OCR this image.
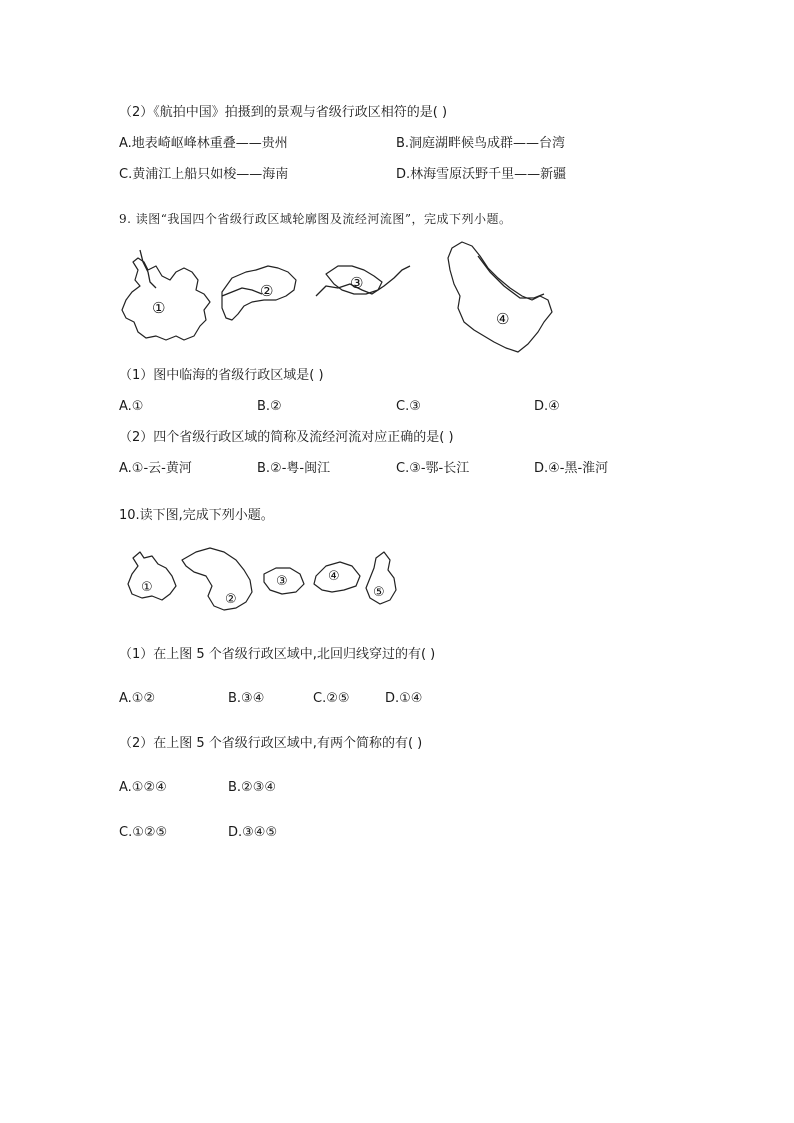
（2）《航拍中国》拍摄到的景观与省级行政区相符的是( )
A.地表崎岖峰林重叠——贵州	B.洞庭湖畔候鸟成群——台湾
C.黄浦江上船只如梭——海南	D.林海雪原沃野千里——新疆
9. 读图“我国四个省级行政区域轮廓图及流经河流图”，完成下列小题。
①
②	③
④
（1）图中临海的省级行政区域是( )
A.①	B.②	C.③	D.④
（2）四个省级行政区域的简称及流经河流对应正确的是( )
A.①-云-黄河	B.②-粤-闽江	C.③-鄂-长江	D.④-黑-淮河
10.读下图,完成下列小题。
①
②
③	④
⑤
（1）在上图 5 个省级行政区域中,北回归线穿过的有( )
A.①②	B.③④	C.②⑤	D.①④
（2）在上图 5 个省级行政区域中,有两个简称的有( )
A.①②④	B.②③④
C.①②⑤	D.③④⑤
